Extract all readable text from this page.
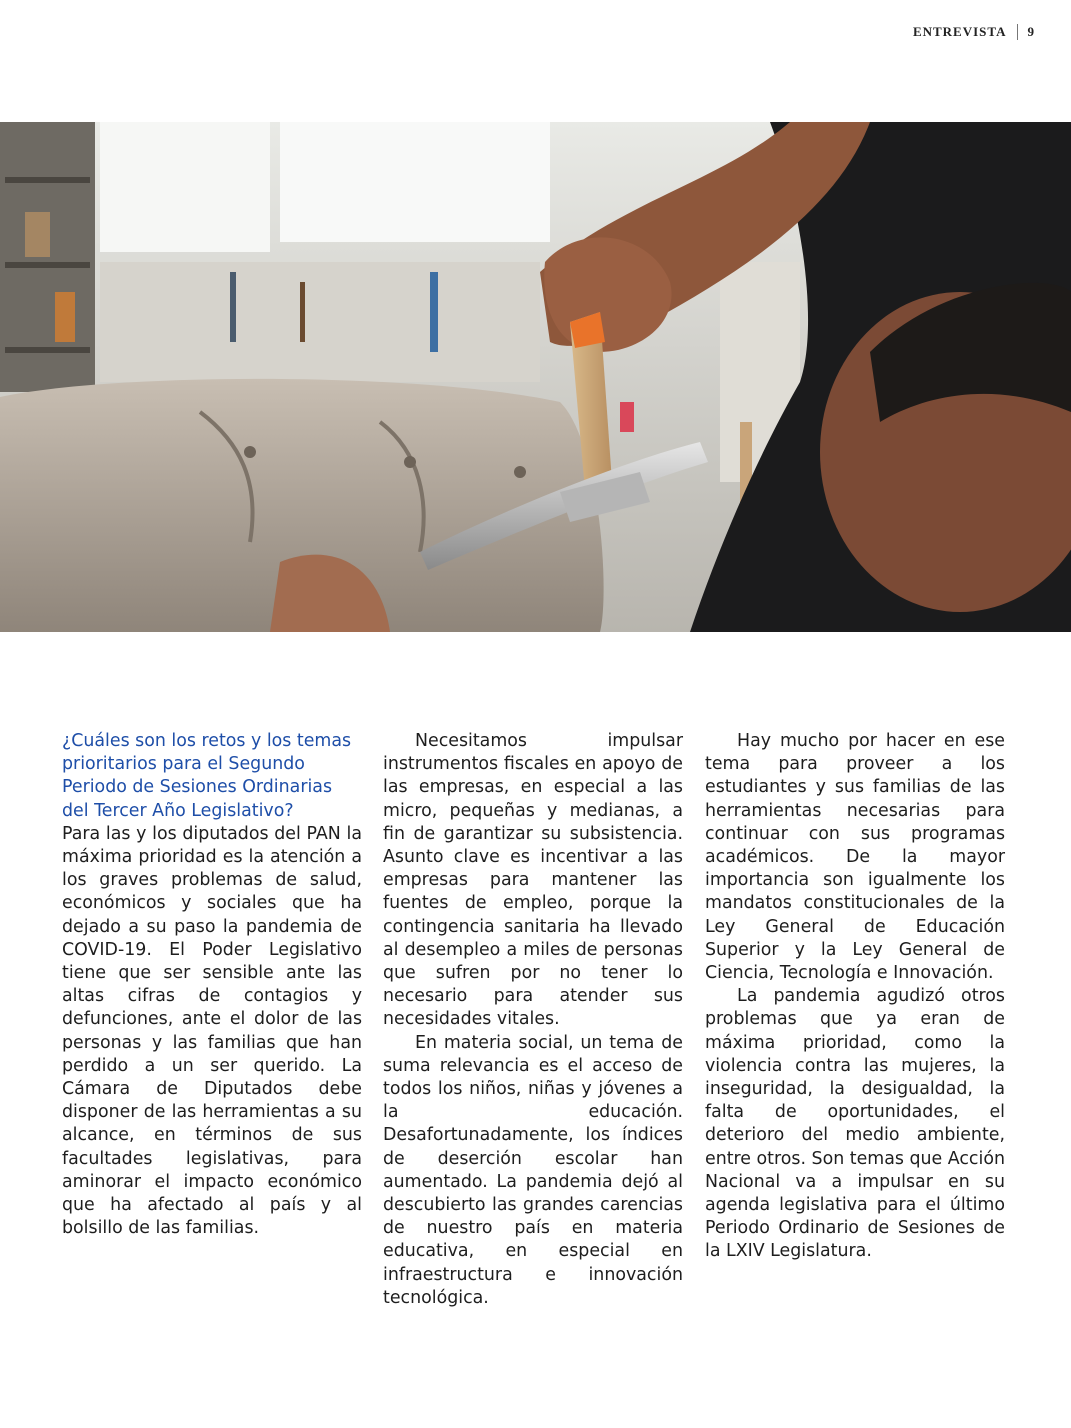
ENTREVISTA 9

¿Cuáles son los retos y los temas prioritarios para el Segundo Periodo de Sesiones Ordinarias del Tercer Año Legislativo?

Para las y los diputados del PAN la máxima prioridad es la atención a los graves problemas de salud, económicos y sociales que ha dejado a su paso la pandemia de COVID-19. El Poder Legislativo tiene que ser sensible ante las altas cifras de contagios y defunciones, ante el dolor de las personas y las familias que han perdido a un ser querido. La Cámara de Diputados debe disponer de las herramientas a su alcance, en términos de sus facultades legislativas, para aminorar el impacto económico que ha afectado al país y al bolsillo de las familias.

Necesitamos impulsar instrumentos fiscales en apoyo de las empresas, en especial a las micro, pequeñas y medianas, a fin de garantizar su subsistencia. Asunto clave es incentivar a las empresas para mantener las fuentes de empleo, porque la contingencia sanitaria ha llevado al desempleo a miles de personas que sufren por no tener lo necesario para atender sus necesidades vitales.

En materia social, un tema de suma relevancia es el acceso de todos los niños, niñas y jóvenes a la educación. Desafortunadamente, los índices de deserción escolar han aumentado. La pandemia dejó al descubierto las grandes carencias de nuestro país en materia educativa, en especial en infraestructura e innovación tecnológica.

Hay mucho por hacer en ese tema para proveer a los estudiantes y sus familias de las herramientas necesarias para continuar con sus programas académicos. De la mayor importancia son igualmente los mandatos constitucionales de la Ley General de Educación Superior y la Ley General de Ciencia, Tecnología e Innovación.

La pandemia agudizó otros problemas que ya eran de máxima prioridad, como la violencia contra las mujeres, la inseguridad, la desigualdad, la falta de oportunidades, el deterioro del medio ambiente, entre otros. Son temas que Acción Nacional va a impulsar en su agenda legislativa para el último Periodo Ordinario de Sesiones de la LXIV Legislatura.
